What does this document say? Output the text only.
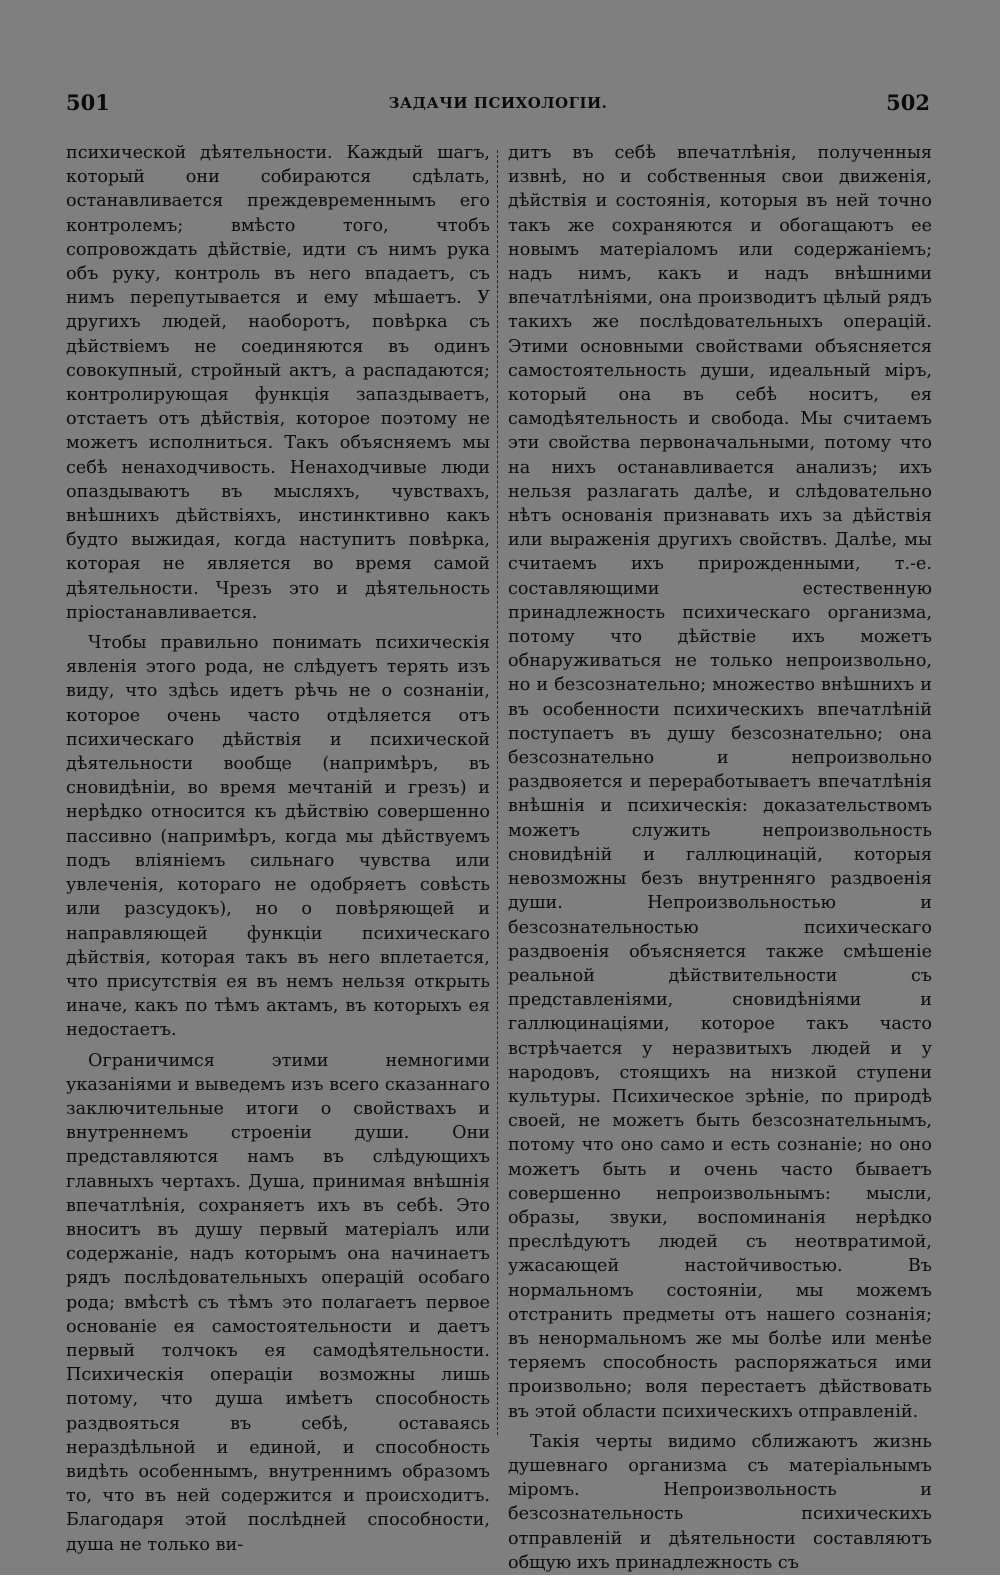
501	ЗАДАЧИ ПСИХОЛОГІИ.	502

психической дѣятельности. Каждый шагъ, который они собираются сдѣлать, останавливается преждевременнымъ его контролемъ; вмѣсто того, чтобъ сопровождать дѣйствіе, идти съ нимъ рука объ руку, контроль въ него впадаетъ, съ нимъ перепутывается и ему мѣшаетъ. У другихъ людей, наоборотъ, повѣрка съ дѣйствіемъ не соединяются въ одинъ совокупный, стройный актъ, а распадаются; контролирующая функція запаздываетъ, отстаетъ отъ дѣйствія, которое поэтому не можетъ исполниться. Такъ объясняемъ мы себѣ ненаходчивость. Ненаходчивые люди опаздываютъ въ мысляхъ, чувствахъ, внѣшнихъ дѣйствіяхъ, инстинктивно какъ будто выжидая, когда наступитъ повѣрка, которая не является во время самой дѣятельности. Чрезъ это и дѣятельность пріостанавливается.

Чтобы правильно понимать психическія явленія этого рода, не слѣдуетъ терять изъ виду, что здѣсь идетъ рѣчь не о сознаніи, которое очень часто отдѣляется отъ психическаго дѣйствія и психической дѣятельности вообще (напримѣръ, въ сновидѣніи, во время мечтаній и грезъ) и нерѣдко относится къ дѣйствію совершенно пассивно (напримѣръ, когда мы дѣйствуемъ подъ вліяніемъ сильнаго чувства или увлеченія, котораго не одобряетъ совѣсть или разсудокъ), но о повѣряющей и направляющей функціи психическаго дѣйствія, которая такъ въ него вплетается, что присутствія ея въ немъ нельзя открыть иначе, какъ по тѣмъ актамъ, въ которыхъ ея недостаетъ.

Ограничимся этими немногими указаніями и выведемъ изъ всего сказаннаго заключительные итоги о свойствахъ и внутреннемъ строеніи души. Они представляются намъ въ слѣдующихъ главныхъ чертахъ. Душа, принимая внѣшнія впечатлѣнія, сохраняетъ ихъ въ себѣ. Это вноситъ въ душу первый матеріалъ или содержаніе, надъ которымъ она начинаетъ рядъ послѣдовательныхъ операцій особаго рода; вмѣстѣ съ тѣмъ это полагаетъ первое основаніе ея самостоятельности и даетъ первый толчокъ ея самодѣятельности. Психическія операціи возможны лишь потому, что душа имѣетъ способность раздвояться въ себѣ, оставаясь нераздѣльной и единой, и способность видѣть особеннымъ, внутреннимъ образомъ то, что въ ней содержится и происходитъ. Благодаря этой послѣдней способности, душа не только ви-

дитъ въ себѣ впечатлѣнія, полученныя извнѣ, но и собственныя свои движенія, дѣйствія и состоянія, которыя въ ней точно такъ же сохраняются и обогащаютъ ее новымъ матеріаломъ или содержаніемъ; надъ нимъ, какъ и надъ внѣшними впечатлѣніями, она производитъ цѣлый рядъ такихъ же послѣдовательныхъ операцій. Этими основными свойствами объясняется самостоятельность души, идеальный міръ, который она въ себѣ носитъ, ея самодѣятельность и свобода. Мы считаемъ эти свойства первоначальными, потому что на нихъ останавливается анализъ; ихъ нельзя разлагать далѣе, и слѣдовательно нѣтъ основанія признавать ихъ за дѣйствія или выраженія другихъ свойствъ. Далѣе, мы считаемъ ихъ прирожденными, т.-е. составляющими естественную принадлежность психическаго организма, потому что дѣйствіе ихъ можетъ обнаруживаться не только непроизвольно, но и безсознательно; множество внѣшнихъ и въ особенности психическихъ впечатлѣній поступаетъ въ душу безсознательно; она безсознательно и непроизвольно раздвояется и переработываетъ впечатлѣнія внѣшнія и психическія: доказательствомъ можетъ служить непроизвольность сновидѣній и галлюцинацій, которыя невозможны безъ внутренняго раздвоенія души. Непроизвольностью и безсознательностью психическаго раздвоенія объясняется также смѣшеніе реальной дѣйствительности съ представленіями, сновидѣніями и галлюцинаціями, которое такъ часто встрѣчается у неразвитыхъ людей и у народовъ, стоящихъ на низкой ступени культуры. Психическое зрѣніе, по природѣ своей, не можетъ быть безсознательнымъ, потому что оно само и есть сознаніе; но оно можетъ быть и очень часто бываетъ совершенно непроизвольнымъ: мысли, образы, звуки, воспоминанія нерѣдко преслѣдуютъ людей съ неотвратимой, ужасающей настойчивостью. Въ нормальномъ состояніи, мы можемъ отстранить предметы отъ нашего сознанія; въ ненормальномъ же мы болѣе или менѣе теряемъ способность распоряжаться ими произвольно; воля перестаетъ дѣйствовать въ этой области психическихъ отправленій.

Такія черты видимо сближаютъ жизнь душевнаго организма съ матеріальнымъ міромъ. Непроизвольность и безсознательность психическихъ отправленій и дѣятельности составляютъ общую ихъ принадлежность съ
